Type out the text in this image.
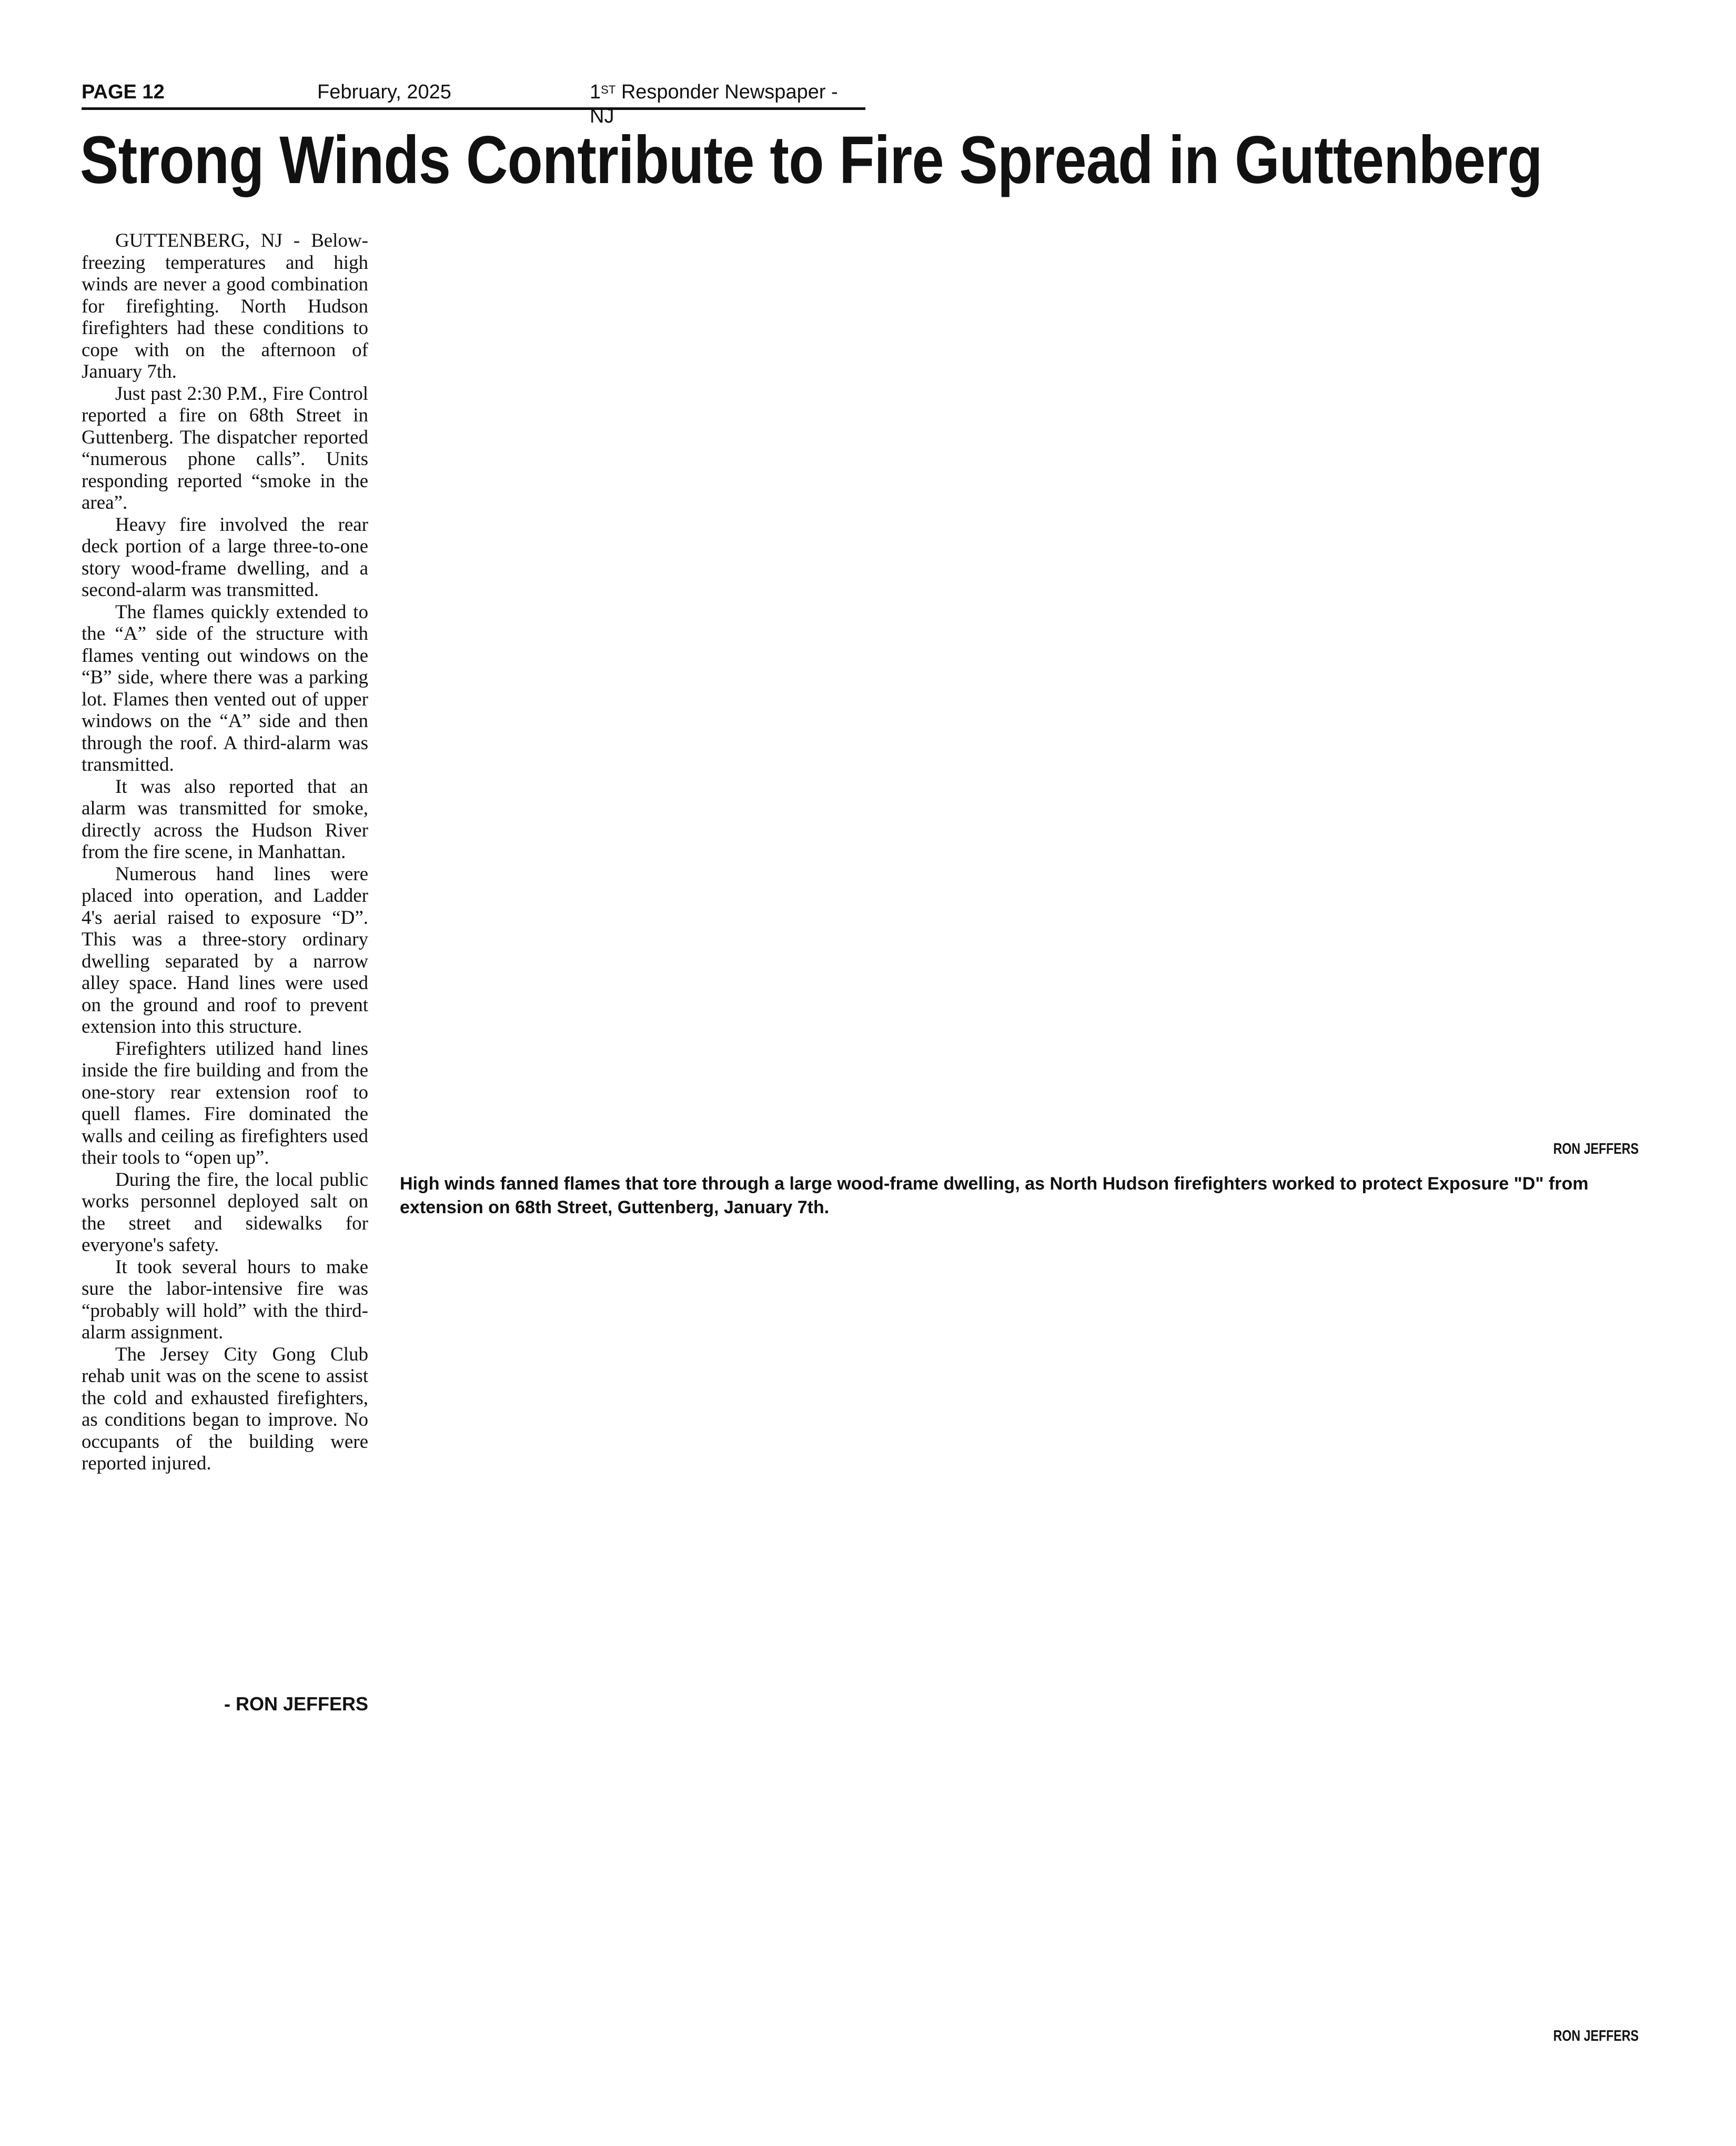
PAGE 12	February, 2025	1ST Responder Newspaper - NJ
Strong Winds Contribute to Fire Spread in Guttenberg

GUTTENBERG, NJ - Below-freezing temperatures and high winds are never a good combination for firefighting. North Hudson firefighters had these conditions to cope with on the afternoon of January 7th.

Just past 2:30 P.M., Fire Control reported a fire on 68th Street in Guttenberg. The dispatcher reported “numerous phone calls”. Units responding reported “smoke in the area”.

Heavy fire involved the rear deck portion of a large three-to-one story wood-frame dwelling, and a second-alarm was transmitted.

The flames quickly extended to the “A” side of the structure with flames venting out windows on the “B” side, where there was a parking lot. Flames then vented out of upper windows on the “A” side and then through the roof. A third-alarm was transmitted.

It was also reported that an alarm was transmitted for smoke, directly across the Hudson River from the fire scene, in Manhattan.

Numerous hand lines were placed into operation, and Ladder 4's aerial raised to exposure “D”. This was a three-story ordinary dwelling separated by a narrow alley space. Hand lines were used on the ground and roof to prevent extension into this structure.

Firefighters utilized hand lines inside the fire building and from the one-story rear extension roof to quell flames. Fire dominated the walls and ceiling as firefighters used their tools to “open up”.

During the fire, the local public works personnel deployed salt on the street and sidewalks for everyone's safety.

It took several hours to make sure the labor-intensive fire was “probably will hold” with the third-alarm assignment.

The Jersey City Gong Club rehab unit was on the scene to assist the cold and exhausted firefighters, as conditions began to improve. No occupants of the building were reported injured.

- RON JEFFERS
RON JEFFERS
High winds fanned flames that tore through a large wood-frame dwelling, as North Hudson firefighters worked to protect Exposure "D" from extension on 68th Street, Guttenberg, January 7th.
RON JEFFERS
